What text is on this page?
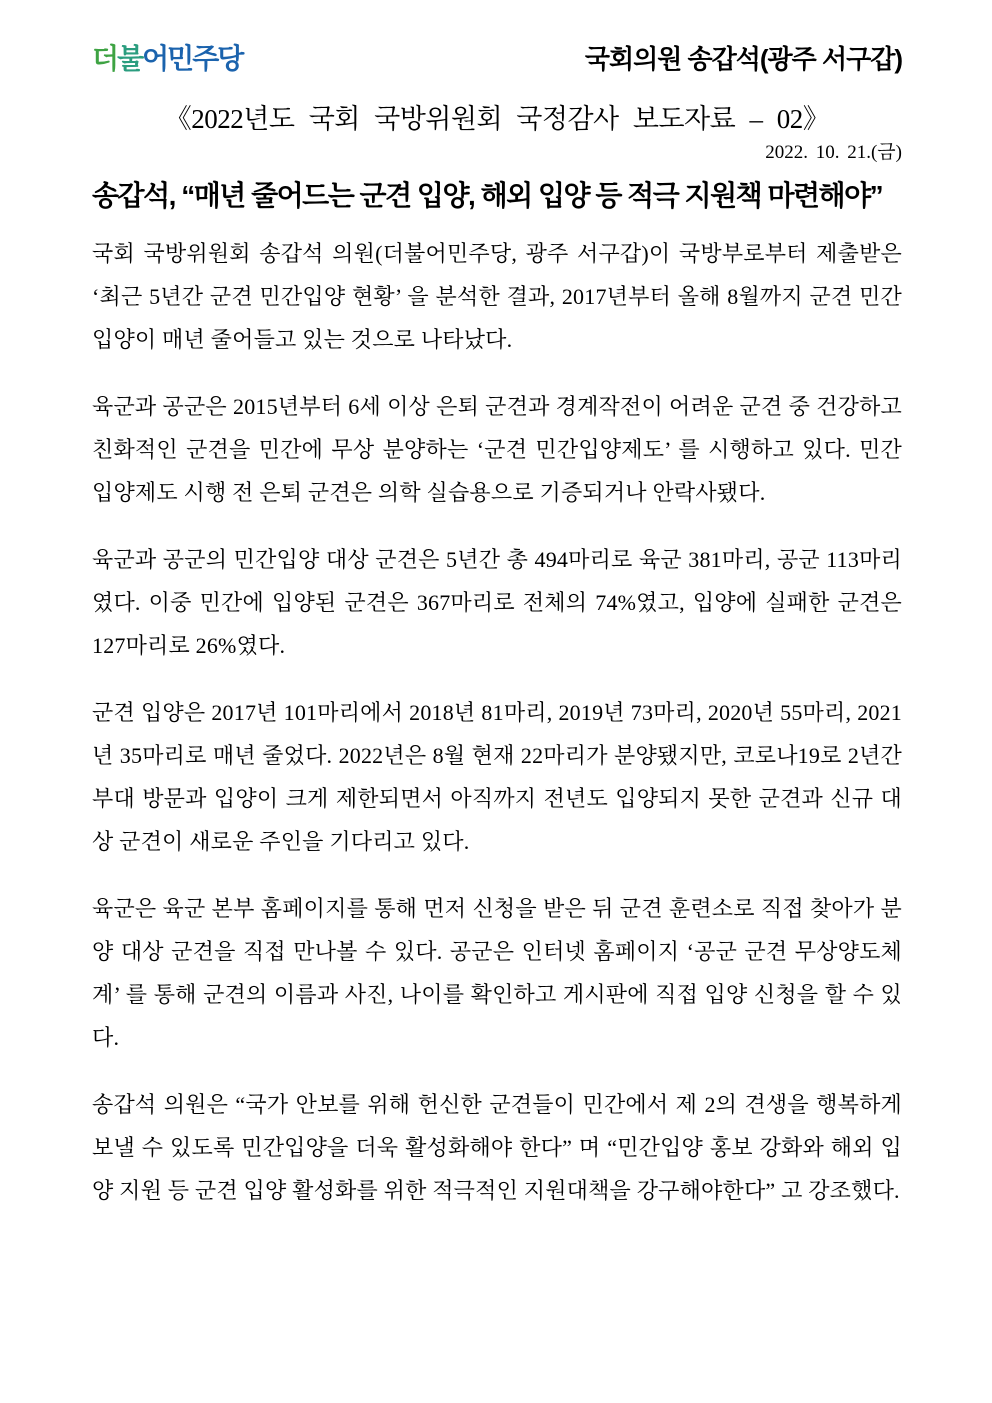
더불어민주당	국회의원 송갑석(광주 서구갑)
《2022년도 국회 국방위원회 국정감사 보도자료 – 02》
2022. 10. 21.(금)
송갑석, “매년 줄어드는 군견 입양, 해외 입양 등 적극 지원책 마련해야”

국회 국방위원회 송갑석 의원(더불어민주당, 광주 서구갑)이 국방부로부터 제출받은 ‘최근 5년간 군견 민간입양 현황’ 을 분석한 결과, 2017년부터 올해 8월까지 군견 민간입양이 매년 줄어들고 있는 것으로 나타났다.

육군과 공군은 2015년부터 6세 이상 은퇴 군견과 경계작전이 어려운 군견 중 건강하고 친화적인 군견을 민간에 무상 분양하는 ‘군견 민간입양제도’ 를 시행하고 있다. 민간 입양제도 시행 전 은퇴 군견은 의학 실습용으로 기증되거나 안락사됐다.

육군과 공군의 민간입양 대상 군견은 5년간 총 494마리로 육군 381마리, 공군 113마리였다. 이중 민간에 입양된 군견은 367마리로 전체의 74%였고, 입양에 실패한 군견은 127마리로 26%였다.

군견 입양은 2017년 101마리에서 2018년 81마리, 2019년 73마리, 2020년 55마리, 2021년 35마리로 매년 줄었다. 2022년은 8월 현재 22마리가 분양됐지만, 코로나19로 2년간 부대 방문과 입양이 크게 제한되면서 아직까지 전년도 입양되지 못한 군견과 신규 대상 군견이 새로운 주인을 기다리고 있다.

육군은 육군 본부 홈페이지를 통해 먼저 신청을 받은 뒤 군견 훈련소로 직접 찾아가 분양 대상 군견을 직접 만나볼 수 있다. 공군은 인터넷 홈페이지 ‘공군 군견 무상양도체계’ 를 통해 군견의 이름과 사진, 나이를 확인하고 게시판에 직접 입양 신청을 할 수 있다.

송갑석 의원은 “국가 안보를 위해 헌신한 군견들이 민간에서 제 2의 견생을 행복하게 보낼 수 있도록 민간입양을 더욱 활성화해야 한다” 며 “민간입양 홍보 강화와 해외 입양 지원 등 군견 입양 활성화를 위한 적극적인 지원대책을 강구해야한다” 고 강조했다.
